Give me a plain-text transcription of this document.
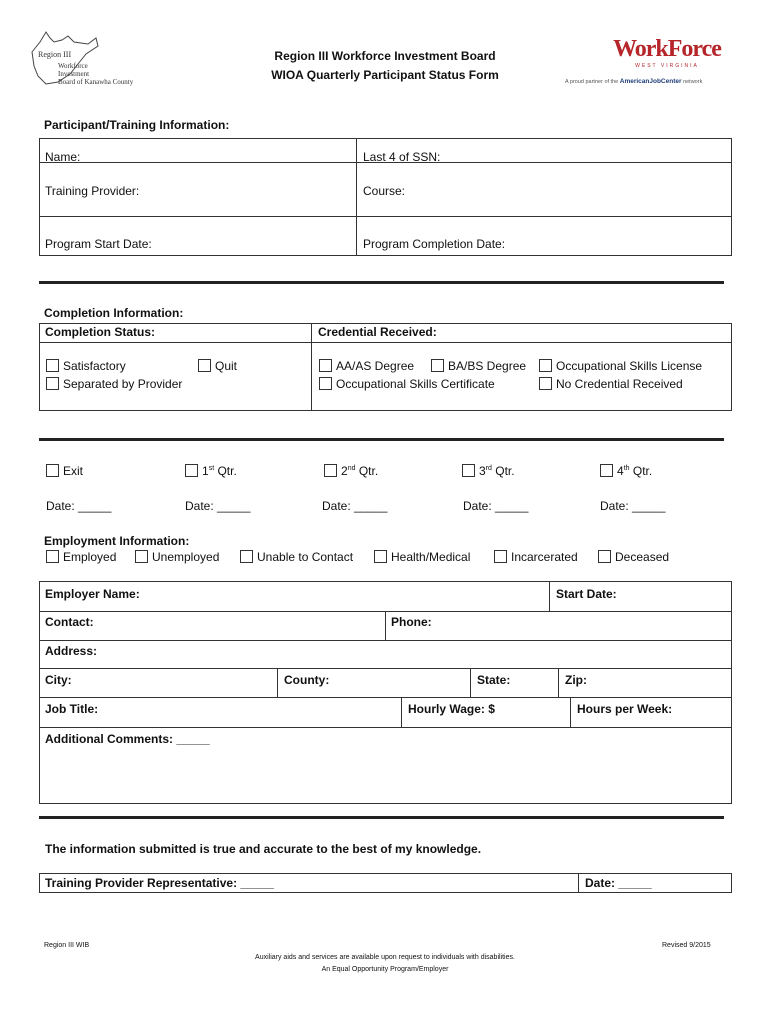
Region III
Workforce
Investment
Board of Kanawha County
Region III Workforce Investment Board
WIOA Quarterly Participant Status Form
WorkForce
WEST VIRGINIA
A proud partner of the AmericanJobCenter network
Participant/Training Information:
Name:	Last 4 of SSN:
Training Provider:	Course:
Program Start Date:	Program Completion Date:
Completion Information:
Completion Status:	Credential Received:
Satisfactory	Quit
Separated by Provider
AA/AS Degree	BA/BS Degree	Occupational Skills License
Occupational Skills Certificate	No Credential Received
Exit	1st Qtr.	2nd Qtr.	3rd Qtr.	4th Qtr.
Date: _____	Date: _____	Date: _____	Date: _____	Date: _____
Employment Information:
Employed	Unemployed	Unable to Contact	Health/Medical	Incarcerated	Deceased
Employer Name:	Start Date:
Contact:	Phone:
Address:
City:	County:	State:	Zip:
Job Title:	Hourly Wage: $	Hours per Week:
Additional Comments: _____
The information submitted is true and accurate to the best of my knowledge.
Training Provider Representative: _____	Date: _____
Region III WIB	Revised 9/2015
Auxiliary aids and services are available upon request to individuals with disabilities.
An Equal Opportunity Program/Employer
